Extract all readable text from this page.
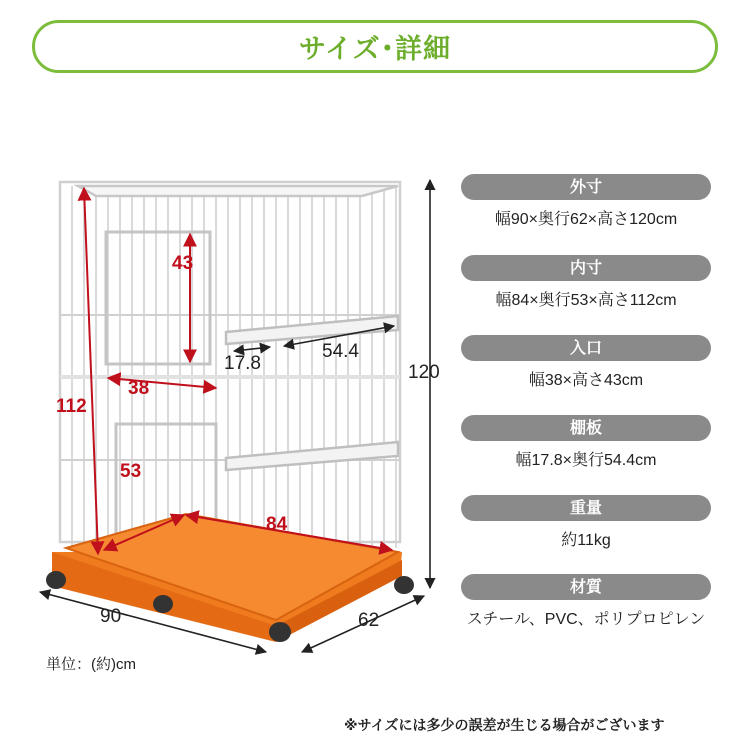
サイズ･詳細
43
38
112
53
84
17.8
54.4
120
90	62
外寸
幅90×奥行62×高さ120cm
内寸
幅84×奥行53×高さ112cm
入口
幅38×高さ43cm
棚板
幅17.8×奥行54.4cm
重量
約11kg
材質
スチール、PVC、ポリプロピレン
単位：(約)cm
※サイズには多少の誤差が生じる場合がございます
